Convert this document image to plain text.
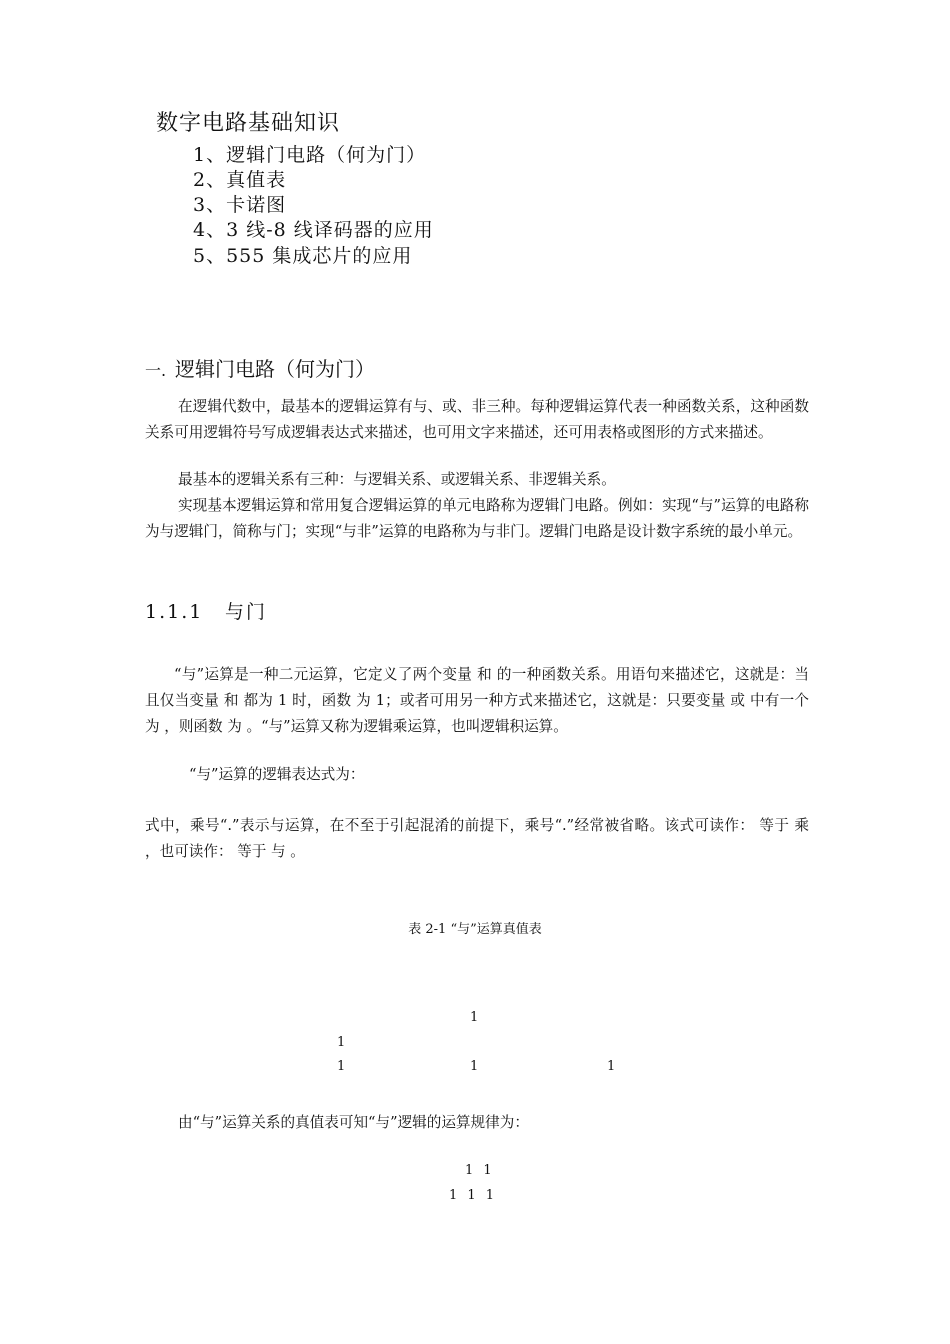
数字电路基础知识
1、逻辑门电路（何为门）
2、真值表
3、卡诺图
4、3 线-8 线译码器的应用
5、555 集成芯片的应用
一. 逻辑门电路（何为门）
在逻辑代数中，最基本的逻辑运算有与、或、非三种。每种逻辑运算代表一种函数关系，这种函数关系可用逻辑符号写成逻辑表达式来描述，也可用文字来描述，还可用表格或图形的方式来描述。
最基本的逻辑关系有三种：与逻辑关系、或逻辑关系、非逻辑关系。
实现基本逻辑运算和常用复合逻辑运算的单元电路称为逻辑门电路。例如：实现“与”运算的电路称为与逻辑门，简称与门；实现“与非”运算的电路称为与非门。逻辑门电路是设计数字系统的最小单元。
1.1.1 与门
“与”运算是一种二元运算，它定义了两个变量 和 的一种函数关系。用语句来描述它，这就是：当且仅当变量 和 都为 1 时，函数 为 1；或者可用另一种方式来描述它，这就是：只要变量 或 中有一个为 ，则函数 为 。“与”运算又称为逻辑乘运算，也叫逻辑积运算。
“与”运算的逻辑表达式为：
式中，乘号“.”表示与运算，在不至于引起混淆的前提下，乘号“.”经常被省略。该式可读作： 等于 乘 ，也可读作： 等于 与 。
表 2-1 “与”运算真值表
1
1
1	1	1
由“与”运算关系的真值表可知“与”逻辑的运算规律为：
1 1
1 1 1
